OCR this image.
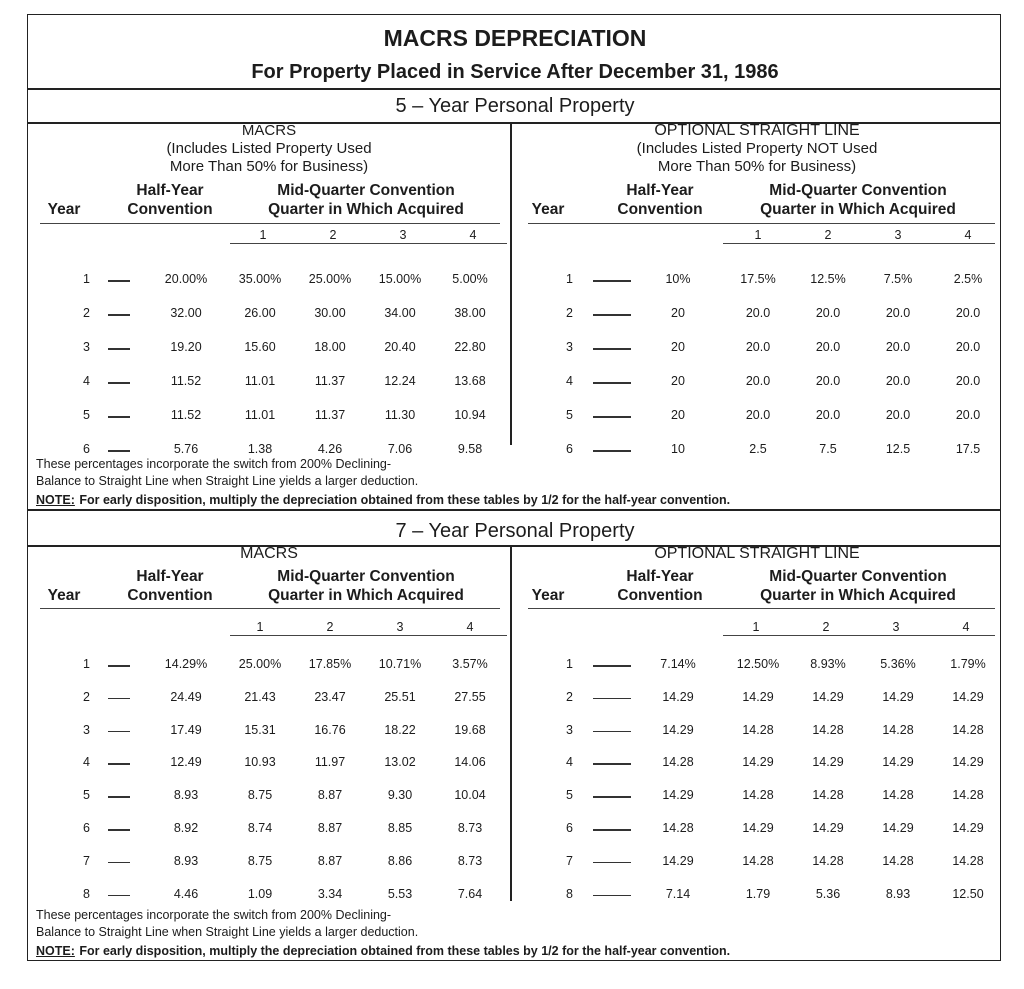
MACRS DEPRECIATION
For Property Placed in Service After December 31, 1986
5 – Year Personal Property
MACRS
(Includes Listed Property Used
More Than 50% for Business)
Half-Year
Convention
Year
Mid-Quarter Convention
Quarter in Which Acquired
1	2	3	4
OPTIONAL STRAIGHT LINE
(Includes Listed Property NOT Used
More Than 50% for Business)
Year
Half-Year
Convention
Mid-Quarter Convention
Quarter in Which Acquired
1	2	3	4
1	20.00%	35.00%	25.00%	15.00%	5.00%
2	32.00	26.00	30.00	34.00	38.00
3	19.20	15.60	18.00	20.40	22.80
4	11.52	11.01	11.37	12.24	13.68
5	11.52	11.01	11.37	11.30	10.94
6	5.76	1.38	4.26	7.06	9.58
1	10%	17.5%	12.5%	7.5%	2.5%
2	20	20.0	20.0	20.0	20.0
3	20	20.0	20.0	20.0	20.0
4	20	20.0	20.0	20.0	20.0
5	20	20.0	20.0	20.0	20.0
6	10	2.5	7.5	12.5	17.5
These percentages incorporate the switch from 200% Declining-
Balance to Straight Line when Straight Line yields a larger deduction.
NOTE: For early disposition, multiply the depreciation obtained from these tables by 1/2 for the half-year convention.
7 – Year Personal Property
MACRS
Year
Half-Year
Convention
Mid-Quarter Convention
Quarter in Which Acquired
1	2	3	4
OPTIONAL STRAIGHT LINE
Year
Half-Year
Convention
Mid-Quarter Convention
Quarter in Which Acquired
1	2	3	4
1	14.29%	25.00%	17.85%	10.71%	3.57%
2	24.49	21.43	23.47	25.51	27.55
3	17.49	15.31	16.76	18.22	19.68
4	12.49	10.93	11.97	13.02	14.06
5	8.93	8.75	8.87	9.30	10.04
6	8.92	8.74	8.87	8.85	8.73
7	8.93	8.75	8.87	8.86	8.73
8	4.46	1.09	3.34	5.53	7.64
1	7.14%	12.50%	8.93%	5.36%	1.79%
2	14.29	14.29	14.29	14.29	14.29
3	14.29	14.28	14.28	14.28	14.28
4	14.28	14.29	14.29	14.29	14.29
5	14.29	14.28	14.28	14.28	14.28
6	14.28	14.29	14.29	14.29	14.29
7	14.29	14.28	14.28	14.28	14.28
8	7.14	1.79	5.36	8.93	12.50
These percentages incorporate the switch from 200% Declining-
Balance to Straight Line when Straight Line yields a larger deduction.
NOTE: For early disposition, multiply the depreciation obtained from these tables by 1/2 for the half-year convention.
